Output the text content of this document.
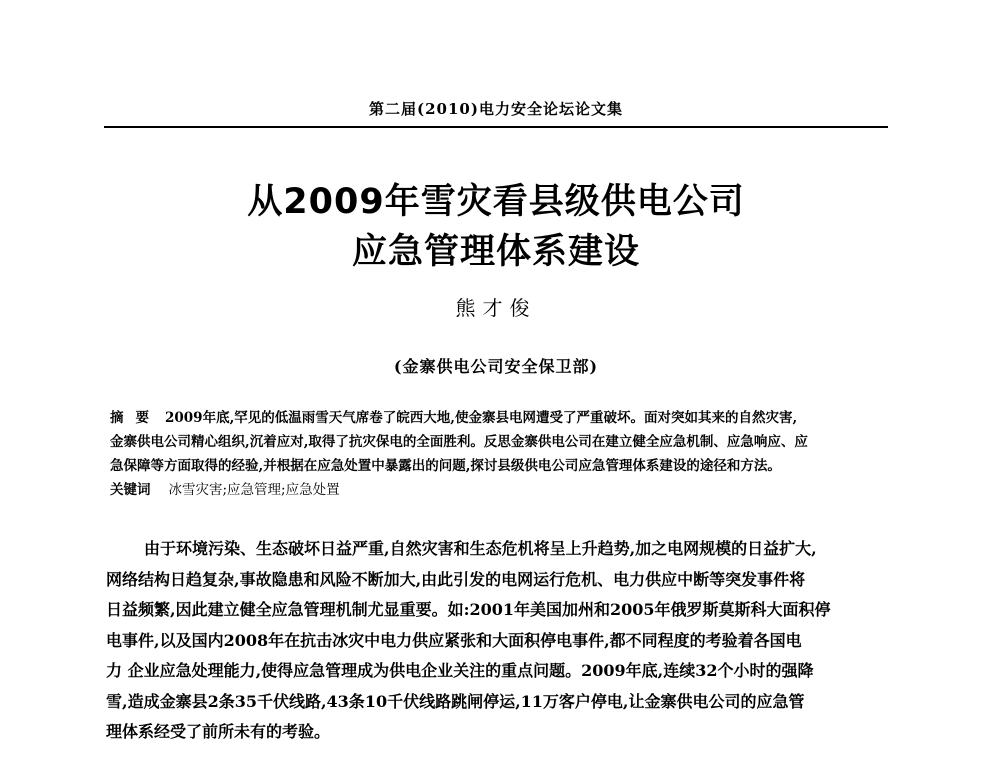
第二届(2010)电力安全论坛论文集
从2009年雪灾看县级供电公司
应急管理体系建设
熊才俊
(金寨供电公司安全保卫部)
摘要 2009年底,罕见的低温雨雪天气席卷了皖西大地,使金寨县电网遭受了严重破坏。面对突如其来的自然灾害,
金寨供电公司精心组织,沉着应对,取得了抗灾保电的全面胜利。反思金寨供电公司在建立健全应急机制、应急响应、应
急保障等方面取得的经验,并根据在应急处置中暴露出的问题,探讨县级供电公司应急管理体系建设的途径和方法。
关键词 冰雪灾害;应急管理;应急处置
由于环境污染、生态破坏日益严重,自然灾害和生态危机将呈上升趋势,加之电网规模的日益扩大,
网络结构日趋复杂,事故隐患和风险不断加大,由此引发的电网运行危机、电力供应中断等突发事件将
日益频繁,因此建立健全应急管理机制尤显重要。如:2001年美国加州和2005年俄罗斯莫斯科大面积停
电事件,以及国内2008年在抗击冰灾中电力供应紧张和大面积停电事件,都不同程度的考验着各国电
力 企业应急处理能力,使得应急管理成为供电企业关注的重点问题。2009年底,连续32个小时的强降
雪,造成金寨县2条35千伏线路,43条10千伏线路跳闸停运,11万客户停电,让金寨供电公司的应急管
理体系经受了前所未有的考验。
